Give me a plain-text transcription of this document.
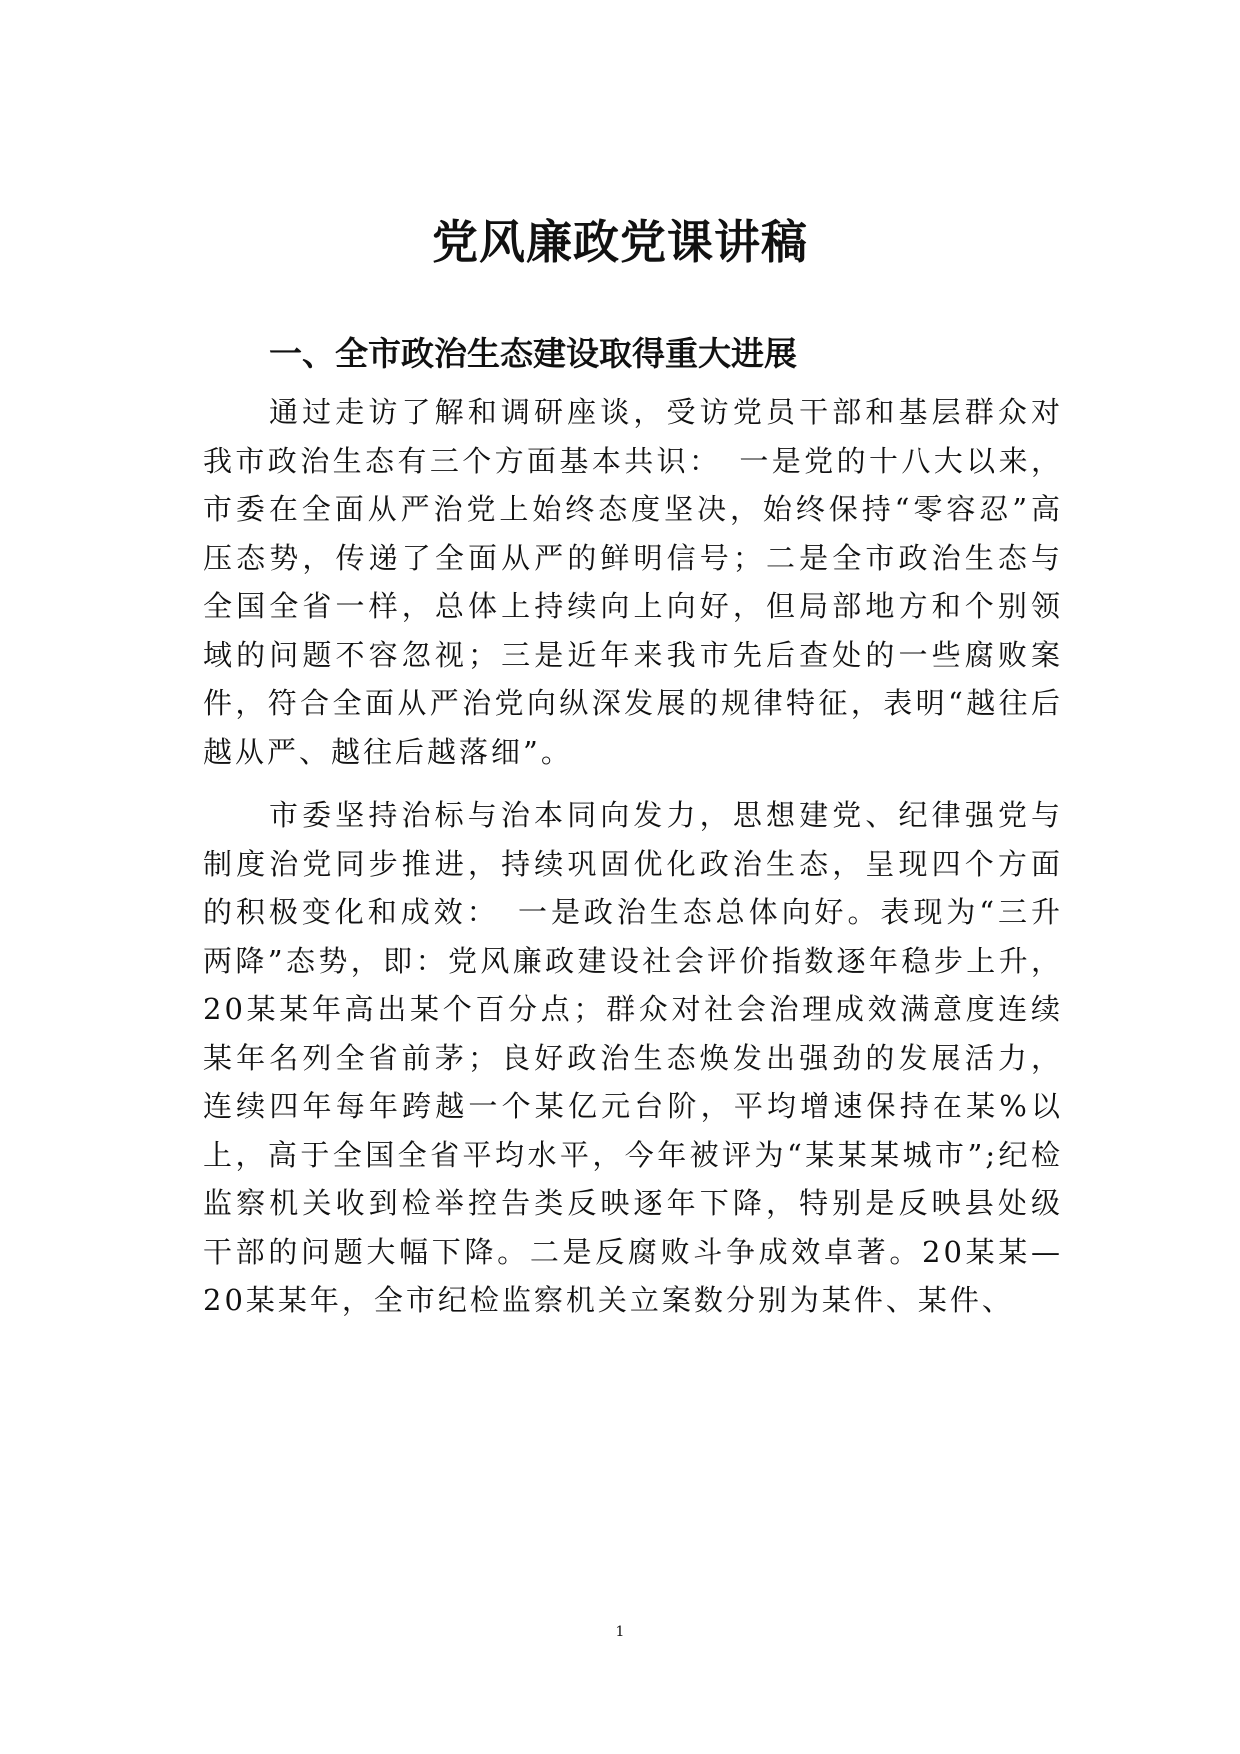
党风廉政党课讲稿
一、全市政治生态建设取得重大进展

通过走访了解和调研座谈，受访党员干部和基层群众对我市政治生态有三个方面基本共识：　一是党的十八大以来，市委在全面从严治党上始终态度坚决，始终保持“零容忍”高压态势，传递了全面从严的鲜明信号；二是全市政治生态与全国全省一样，总体上持续向上向好，但局部地方和个别领域的问题不容忽视；三是近年来我市先后查处的一些腐败案件，符合全面从严治党向纵深发展的规律特征，表明“越往后越从严、越往后越落细”。

市委坚持治标与治本同向发力，思想建党、纪律强党与制度治党同步推进，持续巩固优化政治生态，呈现四个方面的积极变化和成效：　一是政治生态总体向好。表现为“三升两降”态势，即：党风廉政建设社会评价指数逐年稳步上升，20某某年高出某个百分点；群众对社会治理成效满意度连续某年名列全省前茅；良好政治生态焕发出强劲的发展活力，连续四年每年跨越一个某亿元台阶，平均增速保持在某%以上，高于全国全省平均水平，今年被评为“某某某城市”;纪检监察机关收到检举控告类反映逐年下降，特别是反映县处级干部的问题大幅下降。二是反腐败斗争成效卓著。20某某—20某某年，全市纪检监察机关立案数分别为某件、某件、

1
